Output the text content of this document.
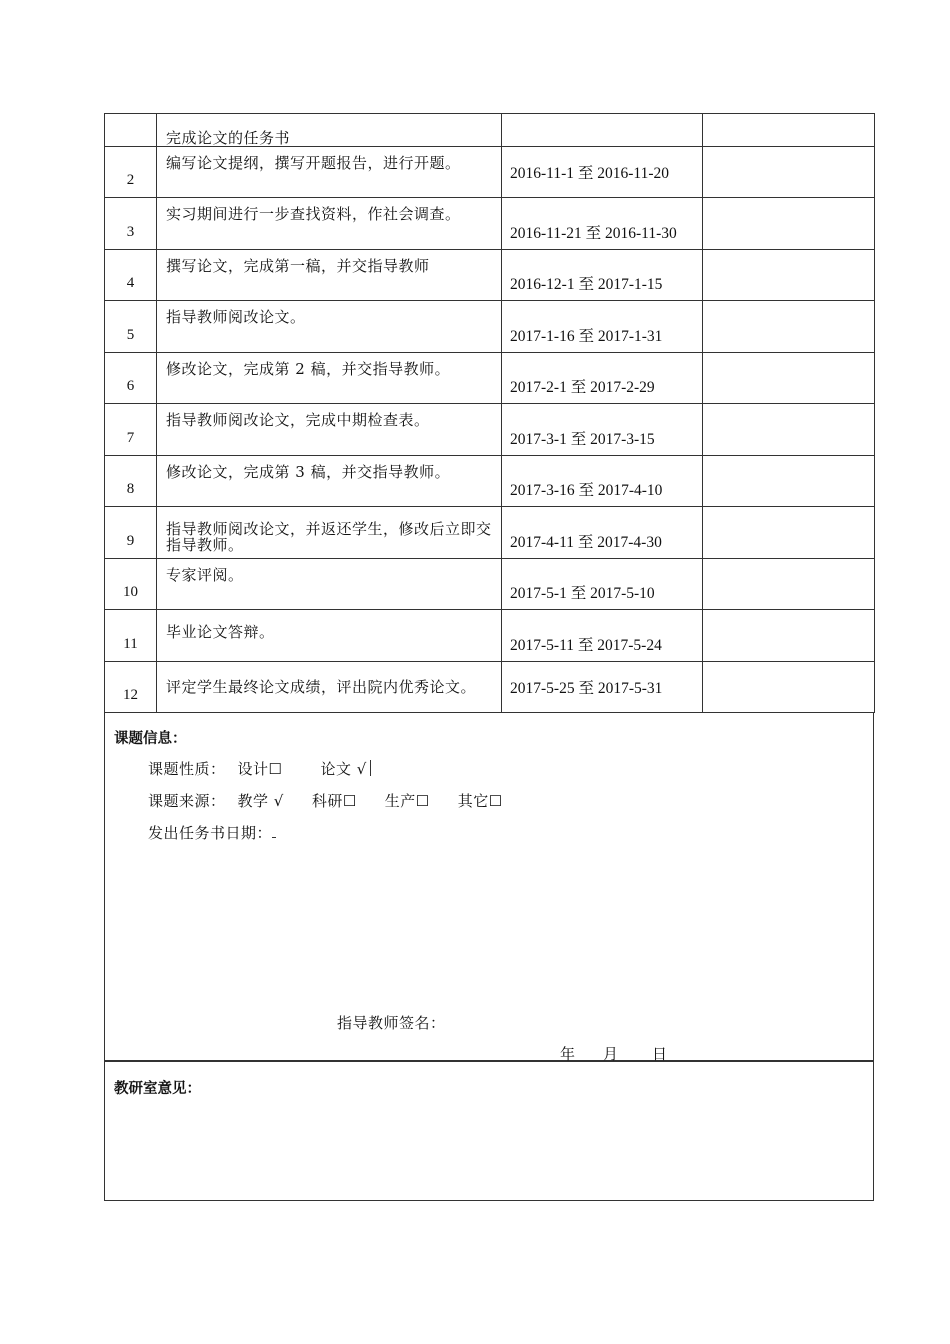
	完成论文的任务书		
2	编写论文提纲，撰写开题报告，进行开题。	2016-11-1 至 2016-11-20	
3	实习期间进行一步查找资料，作社会调查。	2016-11-21 至 2016-11-30	
4	撰写论文，完成第一稿，并交指导教师	2016-12-1 至 2017-1-15	
5	指导教师阅改论文。	2017-1-16 至 2017-1-31	
6	修改论文，完成第 2 稿，并交指导教师。	2017-2-1 至 2017-2-29	
7	指导教师阅改论文，完成中期检查表。	2017-3-1 至 2017-3-15	
8	修改论文，完成第 3 稿，并交指导教师。	2017-3-16 至 2017-4-10	
9	指导教师阅改论文，并返还学生，修改后立即交指导教师。	2017-4-11 至 2017-4-30	
10	专家评阅。	2017-5-1 至 2017-5-10	
11	毕业论文答辩。	2017-5-11 至 2017-5-24	
12	评定学生最终论文成绩，评出院内优秀论文。	2017-5-25 至 2017-5-31	
课题信息：
课题性质： 设计☐	论文 √
课题来源： 教学 √ 科研☐ 生产☐ 其它☐
发出任务书日期：
指导教师签名：
年 月 日
教研室意见：
